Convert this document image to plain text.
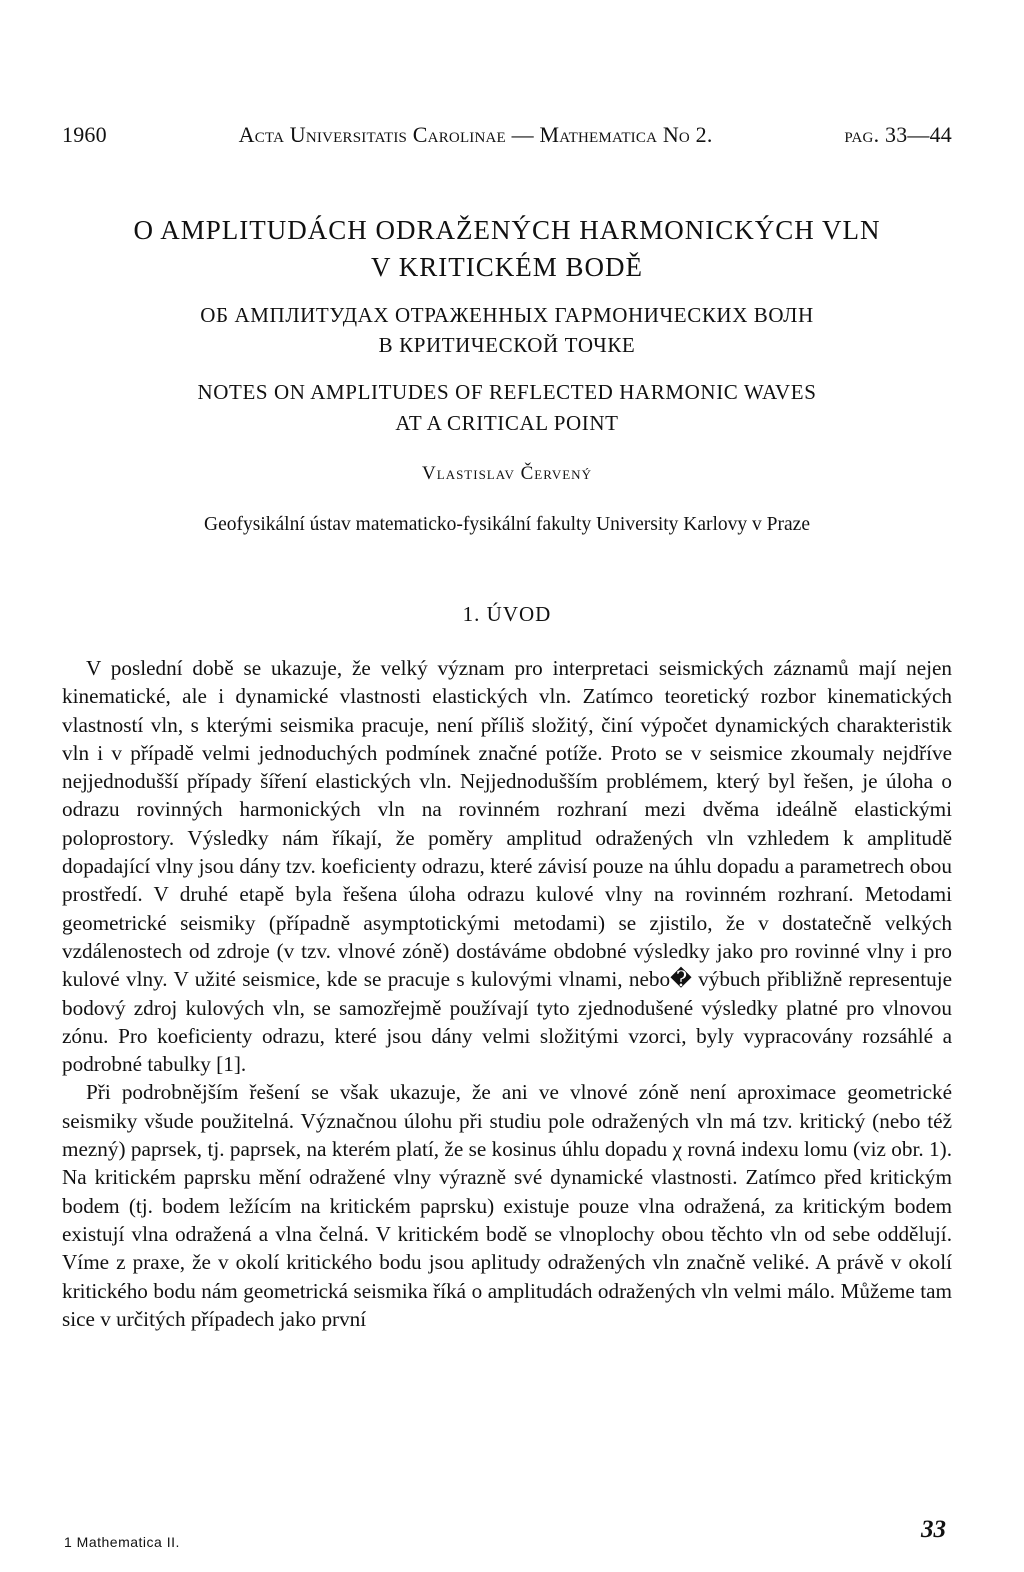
1960	Acta Universitatis Carolinae — Mathematica No 2.	pag. 33—44
O AMPLITUDÁCH ODRAŽENÝCH HARMONICKÝCH VLN
V KRITICKÉM BODĚ
ОБ АМПЛИТУДАХ ОТРАЖЕННЫХ ГАРМОНИЧЕСКИХ ВОЛН
В КРИТИЧЕСКОЙ ТОЧКЕ
NOTES ON AMPLITUDES OF REFLECTED HARMONIC WAVES
AT A CRITICAL POINT
Vlastislav Červený
Geofysikální ústav matematicko-fysikální fakulty University Karlovy v Praze
1. ÚVOD

V poslední době se ukazuje, že velký význam pro interpretaci seismických záznamů mají nejen kinematické, ale i dynamické vlastnosti elastických vln. Zatímco teoretický rozbor kinematických vlastností vln, s kterými seismika pracuje, není příliš složitý, činí výpočet dynamických charakteristik vln i v případě velmi jednoduchých podmínek značné potíže. Proto se v seismice zkoumaly nejdříve nejjednodušší případy šíření elastických vln. Nejjednodušším problémem, který byl řešen, je úloha o odrazu rovinných harmonických vln na rovinném rozhraní mezi dvěma ideálně elastickými poloprostory. Výsledky nám říkají, že poměry amplitud odražených vln vzhledem k amplitudě dopadající vlny jsou dány tzv. koeficienty odrazu, které závisí pouze na úhlu dopadu a parametrech obou prostředí. V druhé etapě byla řešena úloha odrazu kulové vlny na rovinném rozhraní. Metodami geometrické seismiky (případně asymptotickými metodami) se zjistilo, že v dostatečně velkých vzdálenostech od zdroje (v tzv. vlnové zóně) dostáváme obdobné výsledky jako pro rovinné vlny i pro kulové vlny. V užité seismice, kde se pracuje s kulovými vlnami, nebo� výbuch přibližně representuje bodový zdroj kulových vln, se samozřejmě používají tyto zjednodušené výsledky platné pro vlnovou zónu. Pro koeficienty odrazu, které jsou dány velmi složitými vzorci, byly vypracovány rozsáhlé a podrobné tabulky [1].

Při podrobnějším řešení se však ukazuje, že ani ve vlnové zóně není aproximace geometrické seismiky všude použitelná. Význačnou úlohu při studiu pole odražených vln má tzv. kritický (nebo též mezný) paprsek, tj. paprsek, na kterém platí, že se kosinus úhlu dopadu χ rovná indexu lomu (viz obr. 1). Na kritickém paprsku mění odražené vlny výrazně své dynamické vlastnosti. Zatímco před kritickým bodem (tj. bodem ležícím na kritickém paprsku) existuje pouze vlna odražená, za kritickým bodem existují vlna odražená a vlna čelná. V kritickém bodě se vlnoplochy obou těchto vln od sebe oddělují. Víme z praxe, že v okolí kritického bodu jsou aplitudy odražených vln značně veliké. A právě v okolí kritického bodu nám geometrická seismika říká o amplitudách odražených vln velmi málo. Můžeme tam sice v určitých případech jako první

1 Mathematica II.	33
